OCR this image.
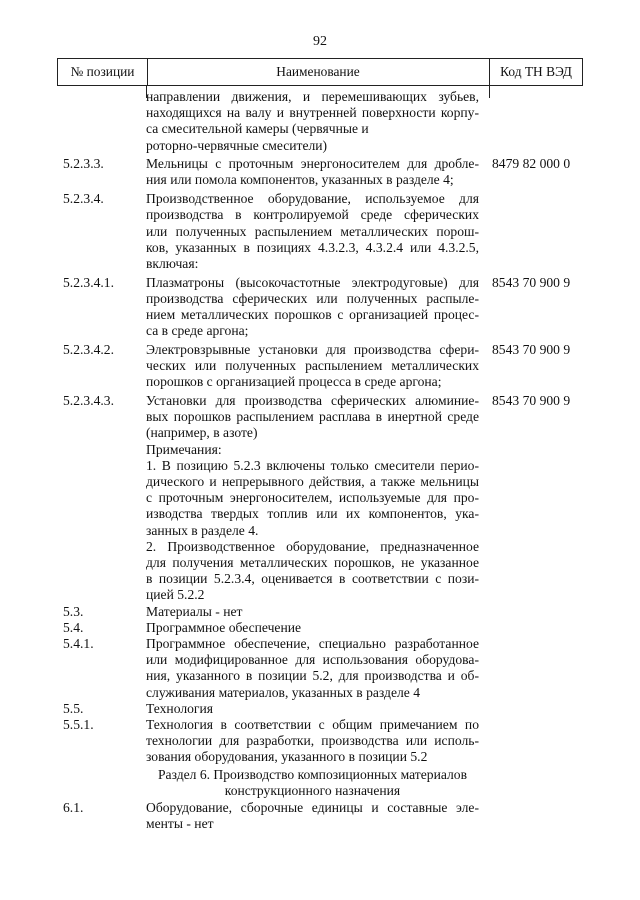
92
№ позиции	Наименование	Код ТН ВЭД
направлении движения, и перемешивающих зубьев,
находящихся на валу и внутренней поверхности корпу-
са смесительной камеры (червячные и
роторно-червячные смесители)
5.2.3.3.	Мельницы с проточным энергоносителем для дробле-
ния или помола компонентов, указанных в разделе 4;
8479 82 000 0
5.2.3.4.	Производственное оборудование, используемое для
производства в контролируемой среде сферических
или полученных распылением металлических порош-
ков, указанных в позициях 4.3.2.3, 4.3.2.4 или 4.3.2.5,
включая:
5.2.3.4.1.	Плазматроны (высокочастотные электродуговые) для
производства сферических или полученных распыле-
нием металлических порошков с организацией процес-
са в среде аргона;
8543 70 900 9
5.2.3.4.2.	Электровзрывные установки для производства сфери-
ческих или полученных распылением металлических
порошков с организацией процесса в среде аргона;
8543 70 900 9
5.2.3.4.3.	Установки для производства сферических алюминие-
вых порошков распылением расплава в инертной среде
(например, в азоте)
8543 70 900 9
Примечания:
1. В позицию 5.2.3 включены только смесители перио-
дического и непрерывного действия, а также мельницы
с проточным энергоносителем, используемые для про-
изводства твердых топлив или их компонентов, ука-
занных в разделе 4.
2. Производственное оборудование, предназначенное
для получения металлических порошков, не указанное
в позиции 5.2.3.4, оценивается в соответствии с пози-
цией 5.2.2
5.3.	Материалы - нет
5.4.	Программное обеспечение
5.4.1.	Программное обеспечение, специально разработанное
или модифицированное для использования оборудова-
ния, указанного в позиции 5.2, для производства и об-
служивания материалов, указанных в разделе 4
5.5.	Технология
5.5.1.	Технология в соответствии с общим примечанием по
технологии для разработки, производства или исполь-
зования оборудования, указанного в позиции 5.2
Раздел 6. Производство композиционных материалов
конструкционного назначения
6.1.	Оборудование, сборочные единицы и составные эле-
менты - нет
